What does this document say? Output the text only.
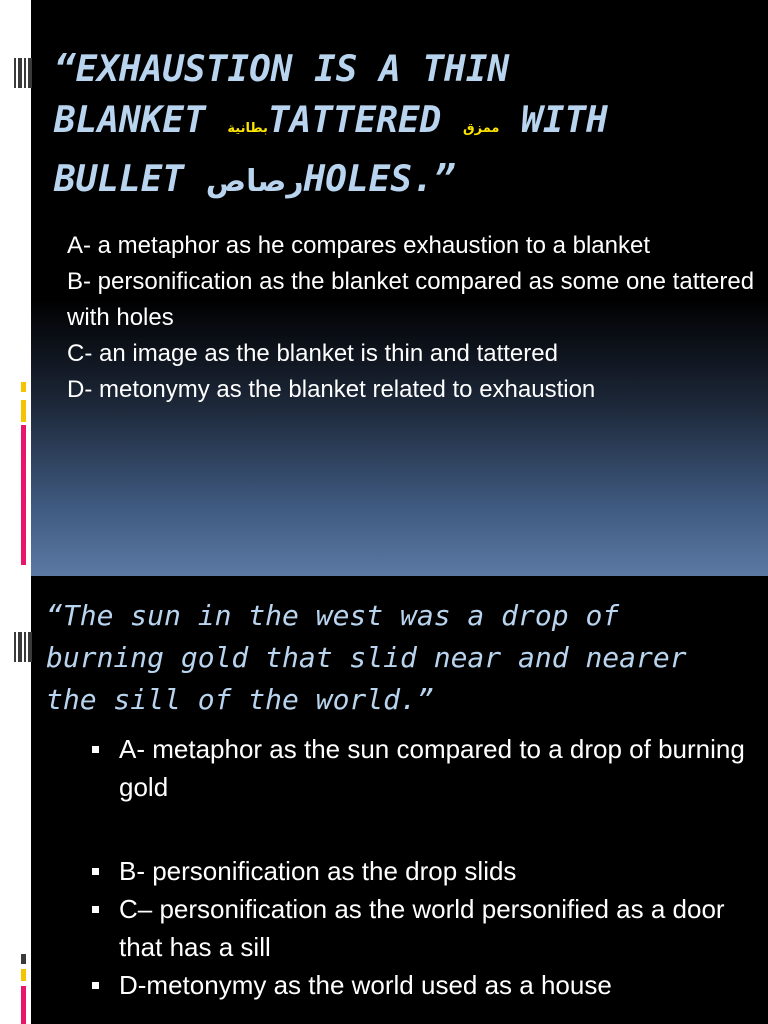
“EXHAUSTION IS A THIN
BLANKET بطانيةTATTERED ممزق WITH
BULLET رصاصHOLES.”
A- a metaphor as he compares exhaustion to a blanket
B- personification as the blanket compared as some one tattered with holes
C- an image as the blanket is thin and tattered
D- metonymy as the blanket related to exhaustion

“The sun in the west was a drop of burning gold that slid near and nearer the sill of the world.”

A- metaphor as the sun compared to a drop of burning gold
B- personification as the drop slids
C– personification as the world personified as a door that has a sill
D-metonymy as the world used as a house
